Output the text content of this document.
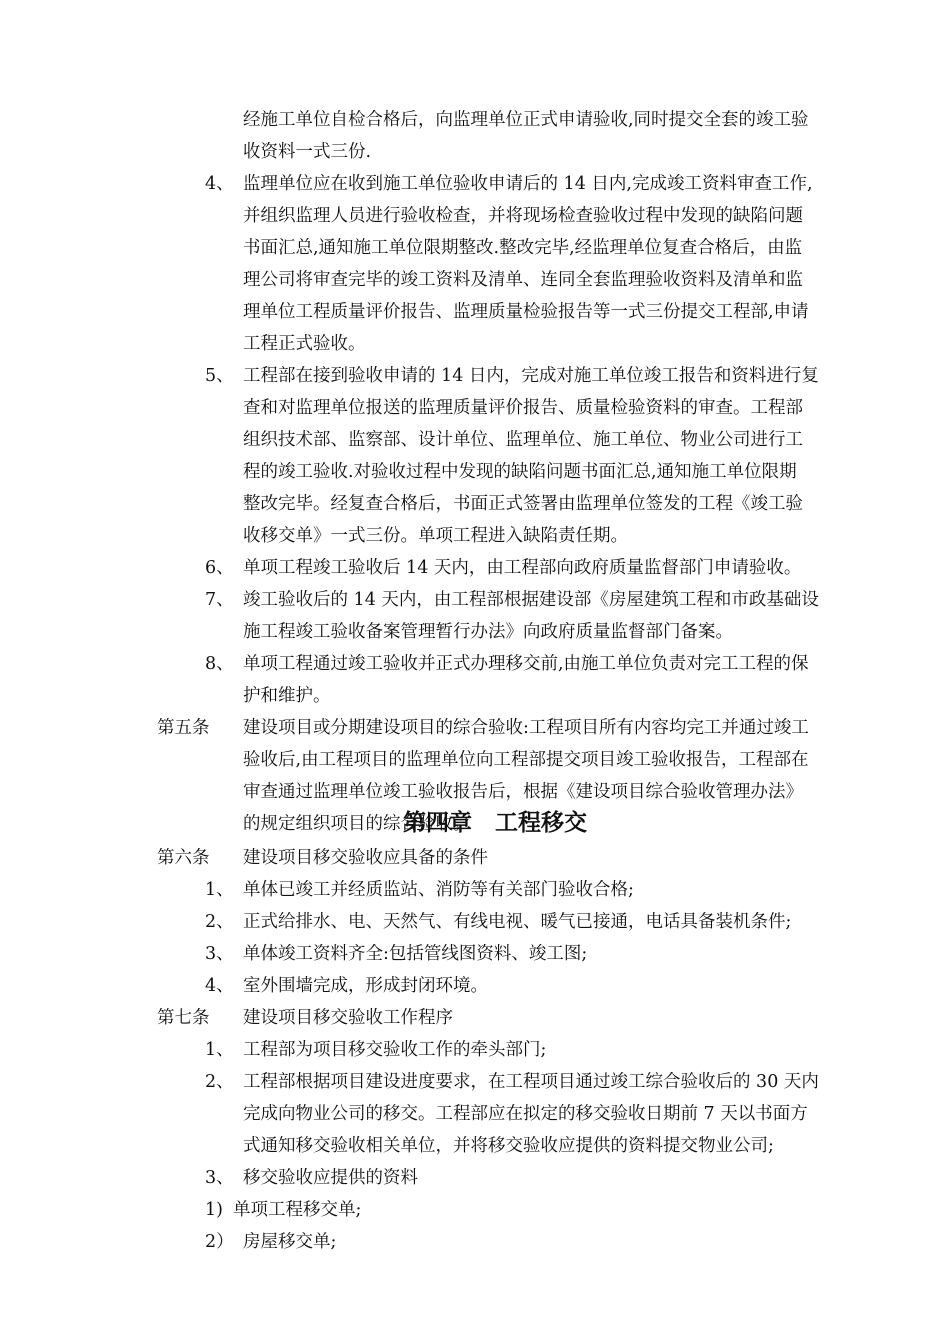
经施工单位自检合格后，向监理单位正式申请验收,同时提交全套的竣工验
收资料一式三份.
4、 监理单位应在收到施工单位验收申请后的 14 日内,完成竣工资料审查工作,
并组织监理人员进行验收检查，并将现场检查验收过程中发现的缺陷问题
书面汇总,通知施工单位限期整改.整改完毕,经监理单位复查合格后，由监
理公司将审查完毕的竣工资料及清单、连同全套监理验收资料及清单和监
理单位工程质量评价报告、监理质量检验报告等一式三份提交工程部,申请
工程正式验收。
5、 工程部在接到验收申请的 14 日内，完成对施工单位竣工报告和资料进行复
查和对监理单位报送的监理质量评价报告、质量检验资料的审查。工程部
组织技术部、监察部、设计单位、监理单位、施工单位、物业公司进行工
程的竣工验收.对验收过程中发现的缺陷问题书面汇总,通知施工单位限期
整改完毕。经复查合格后，书面正式签署由监理单位签发的工程《竣工验
收移交单》一式三份。单项工程进入缺陷责任期。
6、 单项工程竣工验收后 14 天内，由工程部向政府质量监督部门申请验收。
7、 竣工验收后的 14 天内，由工程部根据建设部《房屋建筑工程和市政基础设
施工程竣工验收备案管理暂行办法》向政府质量监督部门备案。
8、 单项工程通过竣工验收并正式办理移交前,由施工单位负责对完工工程的保
护和维护。
第五条 建设项目或分期建设项目的综合验收:工程项目所有内容均完工并通过竣工
验收后,由工程项目的监理单位向工程部提交项目竣工验收报告，工程部在
审查通过监理单位竣工验收报告后，根据《建设项目综合验收管理办法》
的规定组织项目的综合验收。
第四章　工程移交
第六条 建设项目移交验收应具备的条件
1、 单体已竣工并经质监站、消防等有关部门验收合格;
2、 正式给排水、电、天然气、有线电视、暖气已接通，电话具备装机条件;
3、 单体竣工资料齐全:包括管线图资料、竣工图;
4、 室外围墙完成，形成封闭环境。
第七条 建设项目移交验收工作程序
1、 工程部为项目移交验收工作的牵头部门;
2、 工程部根据项目建设进度要求，在工程项目通过竣工综合验收后的 30 天内
完成向物业公司的移交。工程部应在拟定的移交验收日期前 7 天以书面方
式通知移交验收相关单位，并将移交验收应提供的资料提交物业公司;
3、 移交验收应提供的资料
1) 单项工程移交单;
2） 房屋移交单;
